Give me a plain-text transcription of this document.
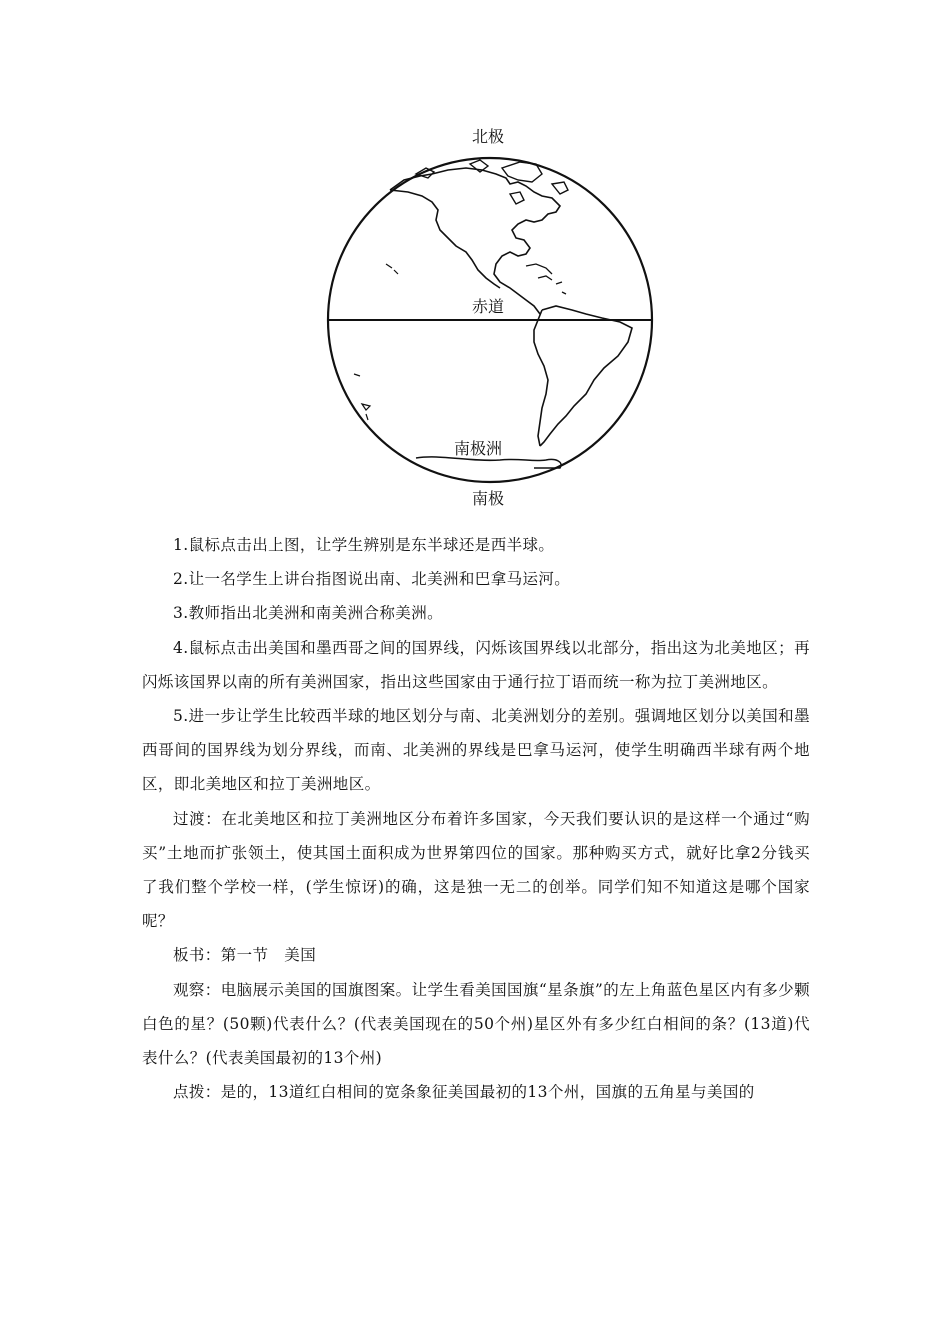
北极
赤道
南极洲
南极

1.鼠标点击出上图，让学生辨别是东半球还是西半球。

2.让一名学生上讲台指图说出南、北美洲和巴拿马运河。

3.教师指出北美洲和南美洲合称美洲。

4.鼠标点击出美国和墨西哥之间的国界线，闪烁该国界线以北部分，指出这为北美地区；再闪烁该国界以南的所有美洲国家，指出这些国家由于通行拉丁语而统一称为拉丁美洲地区。

5.进一步让学生比较西半球的地区划分与南、北美洲划分的差别。强调地区划分以美国和墨西哥间的国界线为划分界线，而南、北美洲的界线是巴拿马运河，使学生明确西半球有两个地区，即北美地区和拉丁美洲地区。

过渡：在北美地区和拉丁美洲地区分布着许多国家，今天我们要认识的是这样一个通过“购买”土地而扩张领土，使其国土面积成为世界第四位的国家。那种购买方式，就好比拿2分钱买了我们整个学校一样，(学生惊讶)的确，这是独一无二的创举。同学们知不知道这是哪个国家呢？

板书：第一节　美国

观察：电脑展示美国的国旗图案。让学生看美国国旗“星条旗”的左上角蓝色星区内有多少颗白色的星？(50颗)代表什么？(代表美国现在的50个州)星区外有多少红白相间的条？(13道)代表什么？(代表美国最初的13个州)

点拨：是的，13道红白相间的宽条象征美国最初的13个州，国旗的五角星与美国的
